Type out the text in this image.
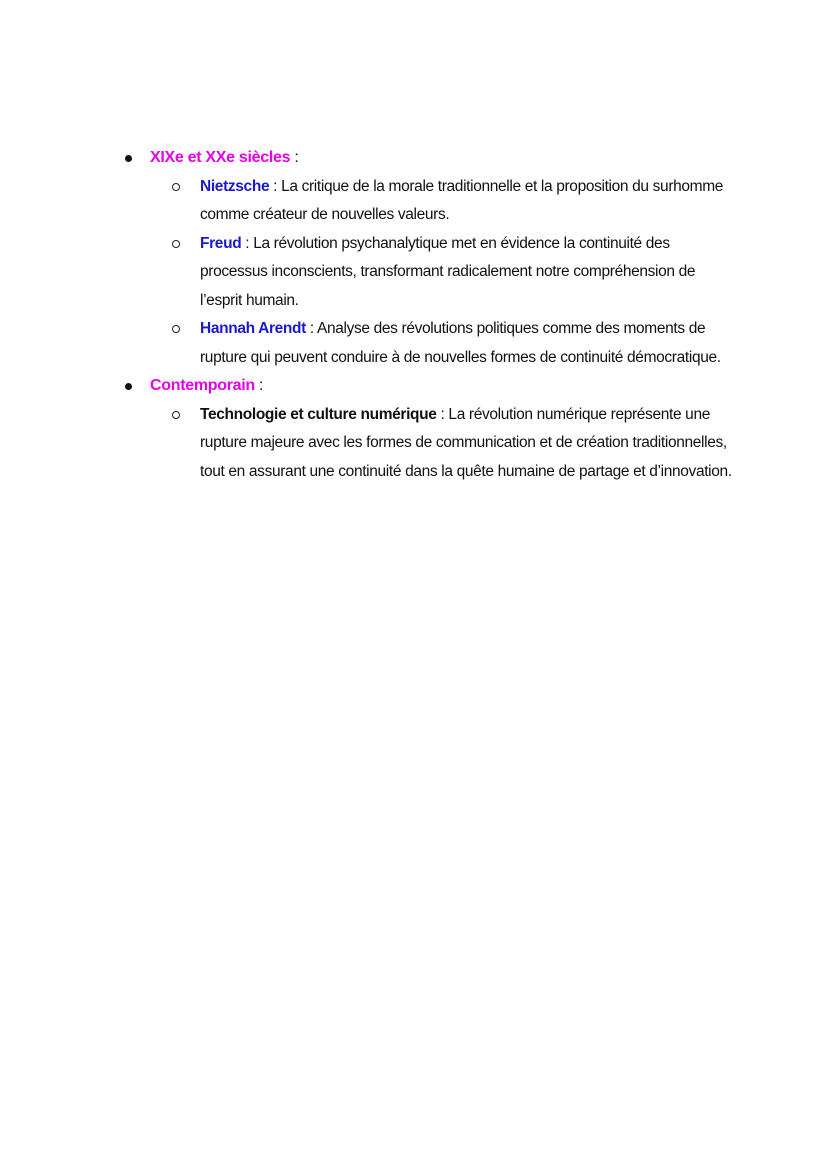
XIXe et XXe siècles :
Nietzsche : La critique de la morale traditionnelle et la proposition du surhomme comme créateur de nouvelles valeurs.
Freud : La révolution psychanalytique met en évidence la continuité des processus inconscients, transformant radicalement notre compréhension de l’esprit humain.
Hannah Arendt : Analyse des révolutions politiques comme des moments de rupture qui peuvent conduire à de nouvelles formes de continuité démocratique.
Contemporain :
Technologie et culture numérique : La révolution numérique représente une rupture majeure avec les formes de communication et de création traditionnelles, tout en assurant une continuité dans la quête humaine de partage et d’innovation.
